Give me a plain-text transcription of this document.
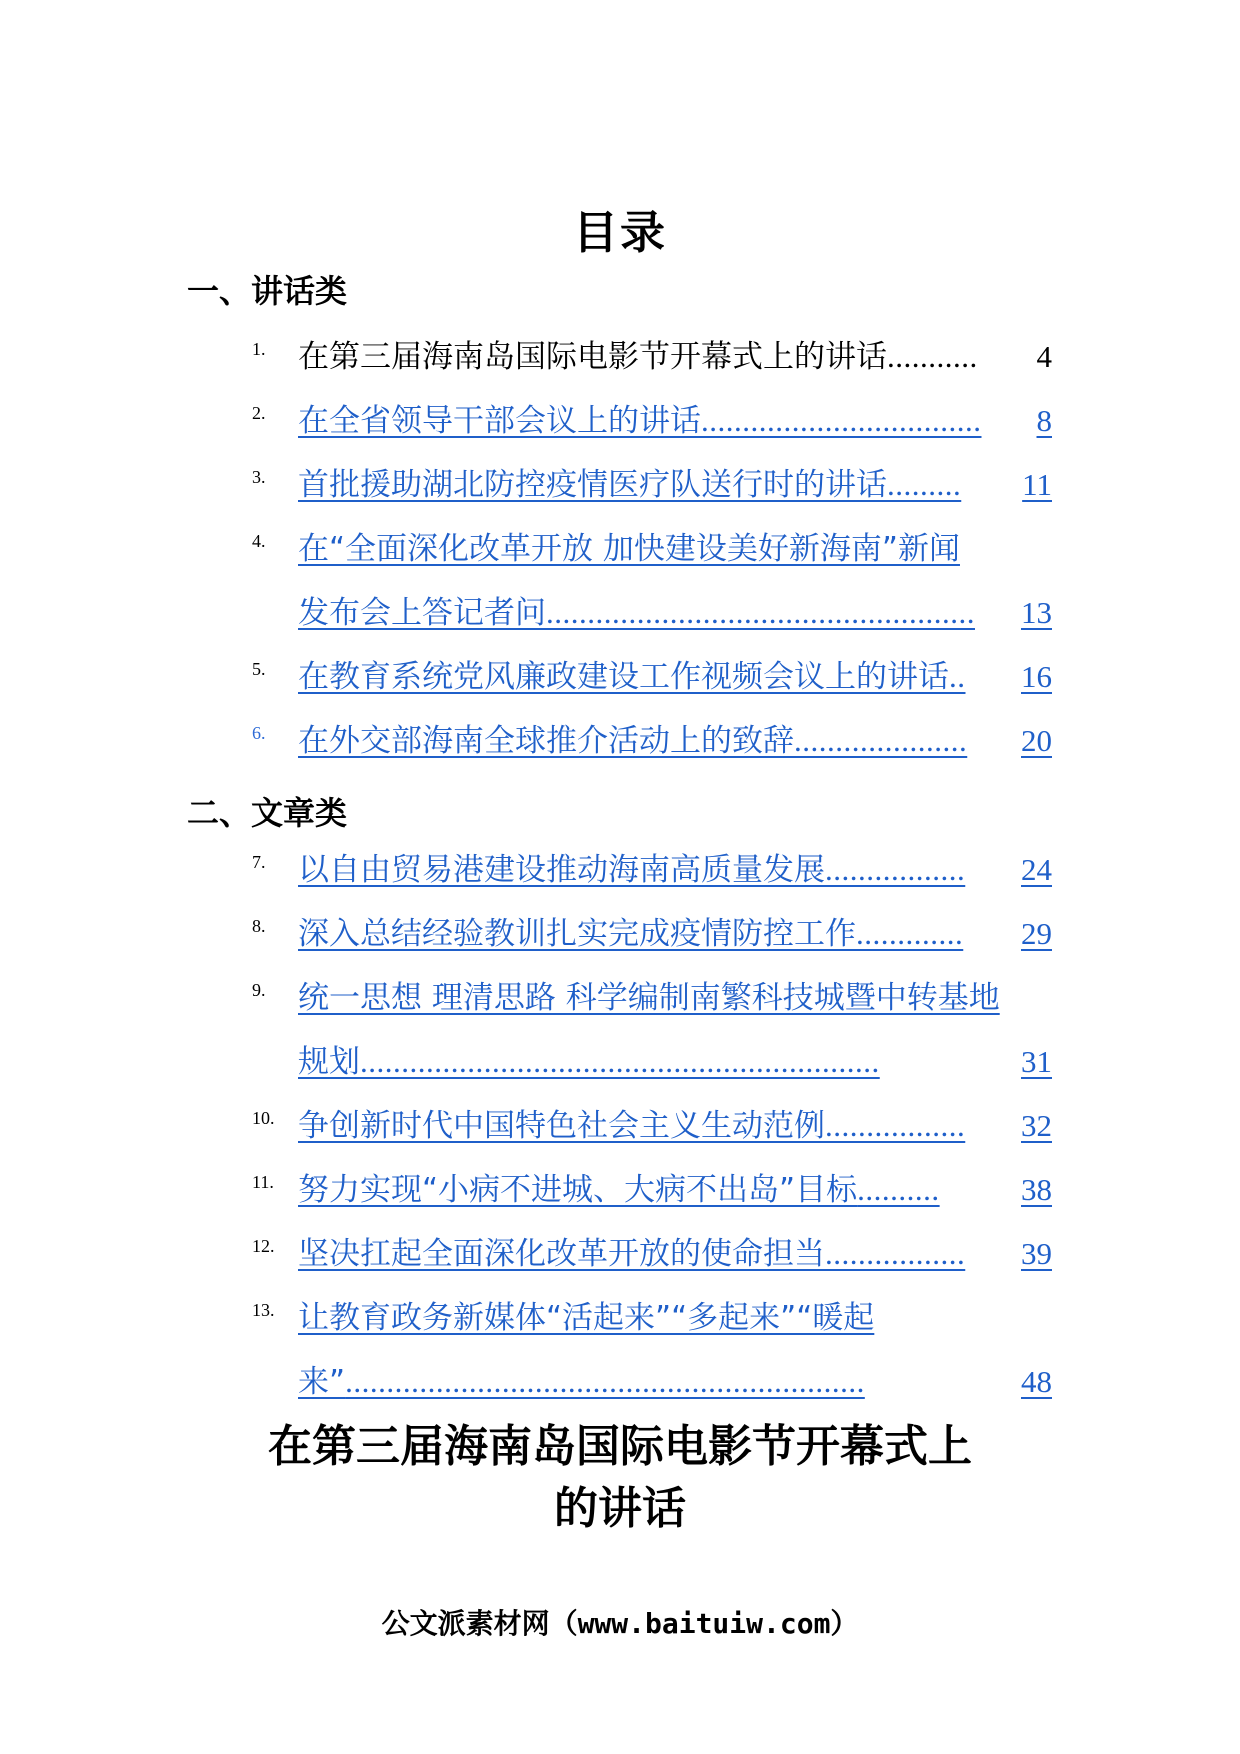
目录
一、讲话类
1.	在第三届海南岛国际电影节开幕式上的讲话 ...........	4
2.	在全省领导干部会议上的讲话 ..................................	8
3.	首批援助湖北防控疫情医疗队送行时的讲话 .........	11
4.	在“全面深化改革开放 加快建设美好新海南”新闻
发布会上答记者问 ....................................................	13
5.	在教育系统党风廉政建设工作视频会议上的讲话 ..	16
6.	在外交部海南全球推介活动上的致辞 .....................	20
二、文章类
7.	以自由贸易港建设推动海南高质量发展 .................	24
8.	深入总结经验教训扎实完成疫情防控工作 .............	29
9.	统一思想 理清思路 科学编制南繁科技城暨中转基地
规划 ...............................................................	31
10. 争创新时代中国特色社会主义生动范例 .................	32
11. 努力实现“小病不进城、大病不出岛”目标 ..........	38
12. 坚决扛起全面深化改革开放的使命担当 .................	39
13. 让教育政务新媒体“活起来”“多起来”“暖起
来” ...............................................................	48
在第三届海南岛国际电影节开幕式上
的讲话
公文派素材网（www.baituiw.com）
